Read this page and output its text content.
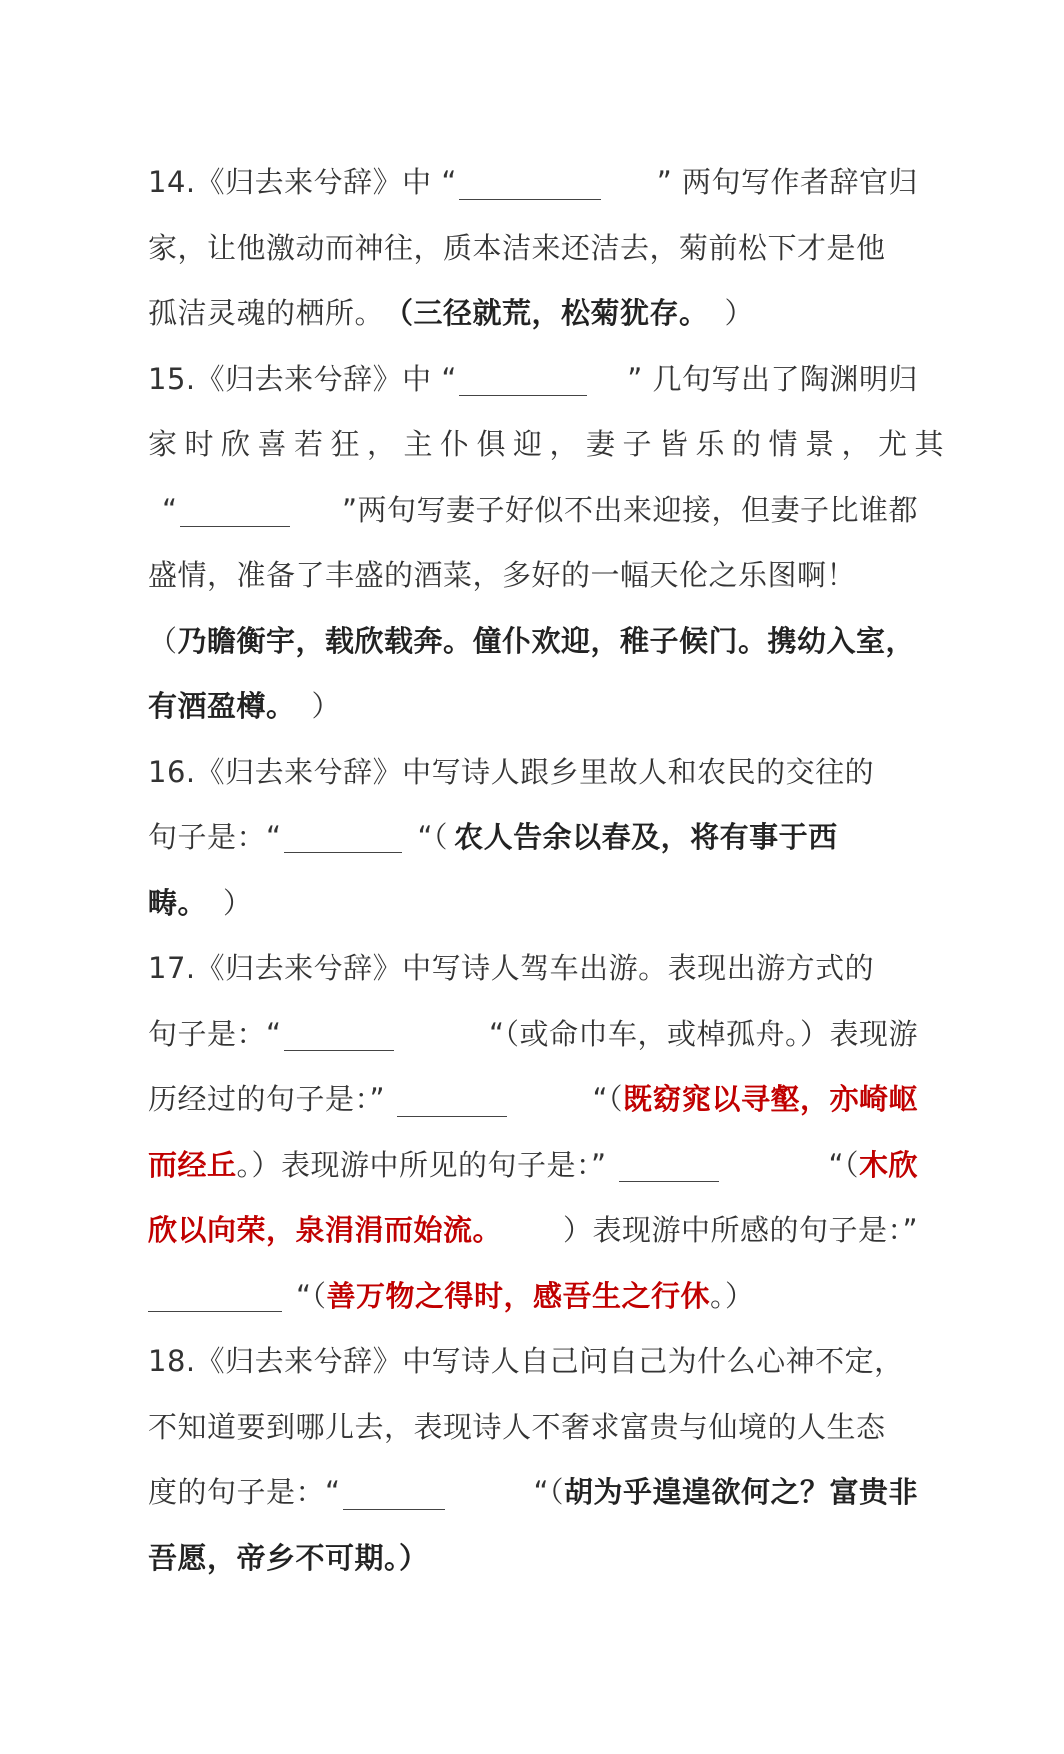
14.《归去来兮辞》中 “	” 两句写作者辞官归
家，让他激动而神往，质本洁来还洁去，菊前松下才是他
孤洁灵魂的栖所。 （三径就荒，松菊犹存。 ）
15.《归去来兮辞》中 “	” 几句写出了陶渊明归
家时欣喜若狂，主仆俱迎，妻子皆乐的情景，尤其
“	”两句写妻子好似不出来迎接，但妻子比谁都
盛情，准备了丰盛的酒菜，多好的一幅天伦之乐图啊！
（ 乃瞻衡宇，载欣载奔。僮仆欢迎，稚子候门。携幼入室，
有酒盈樽。 ）
16.《归去来兮辞》中写诗人跟乡里故人和农民的交往的
句子是：“	“（ 农人告余以春及，将有事于西
畴。 ）
17.《归去来兮辞》中写诗人驾车出游。表现出游方式的
句子是：“	“（或命巾车，或棹孤舟。）表现游
历经过的句子是：”	“（既窈窕以寻壑，亦崎岖
而经丘。）表现游中所见的句子是：”	“（木欣
欣以向荣，泉涓涓而始流。 ）表现游中所感的句子是：”
“（ 善万物之得时，感吾生之行休 。）
18.《归去来兮辞》中写诗人自己问自己为什么心神不定，
不知道要到哪儿去，表现诗人不奢求富贵与仙境的人生态
度的句子是：“	“（胡为乎遑遑欲何之？富贵非
吾愿，帝乡不可期。）
